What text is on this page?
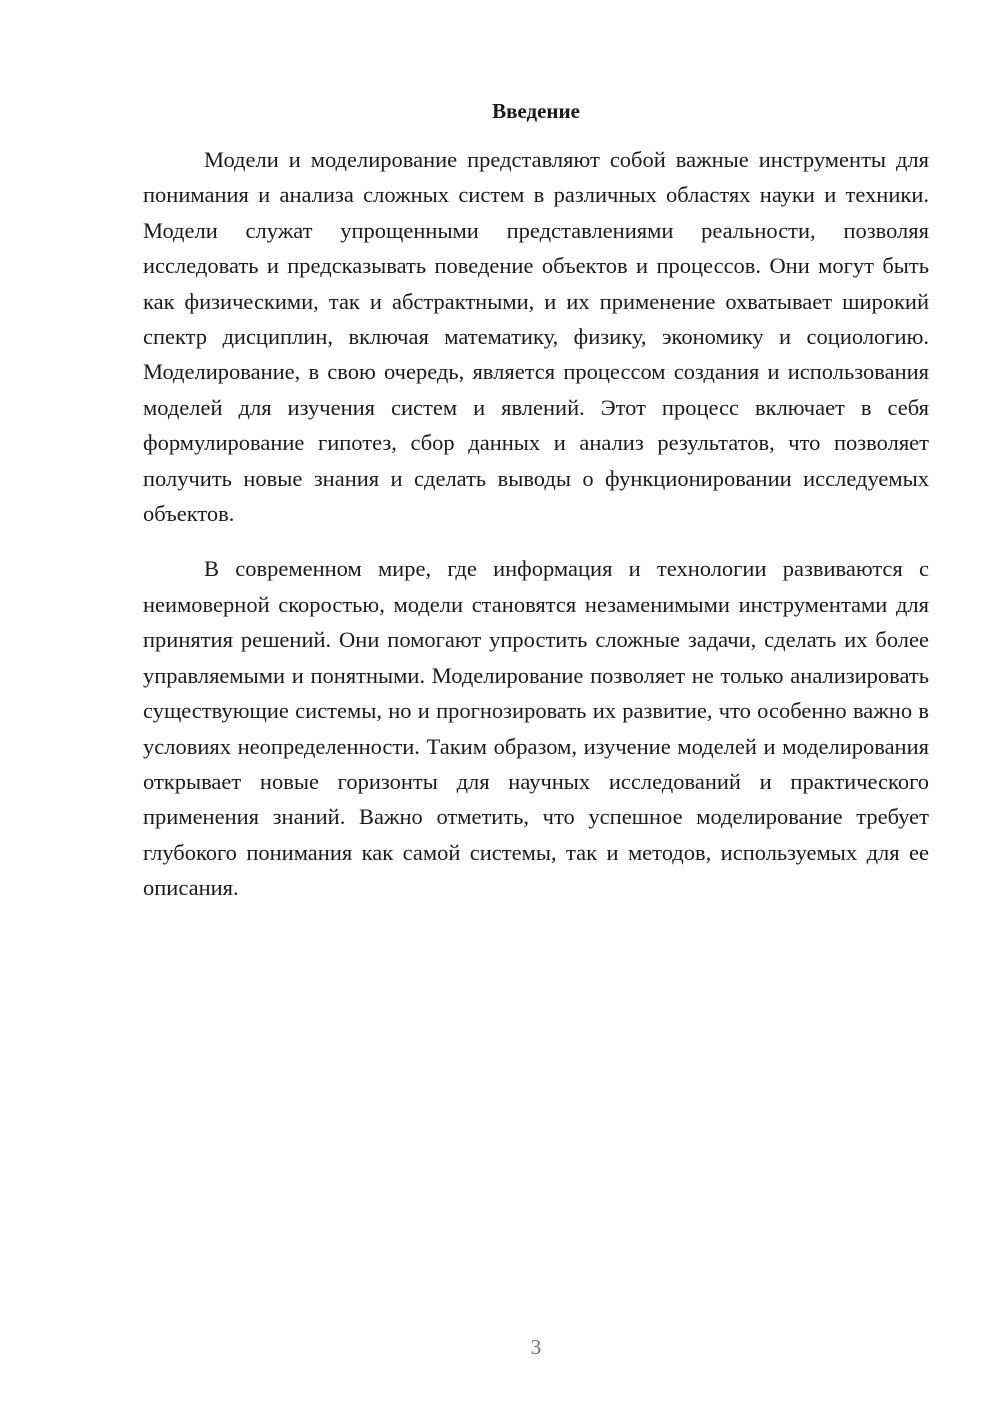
Введение

Модели и моделирование представляют собой важные инструменты для понимания и анализа сложных систем в различных областях науки и техники. Модели служат упрощенными представлениями реальности, позволяя исследовать и предсказывать поведение объектов и процессов. Они могут быть как физическими, так и абстрактными, и их применение охватывает широкий спектр дисциплин, включая математику, физику, экономику и социологию. Моделирование, в свою очередь, является процессом создания и использования моделей для изучения систем и явлений. Этот процесс включает в себя формулирование гипотез, сбор данных и анализ результатов, что позволяет получить новые знания и сделать выводы о функционировании исследуемых объектов.

В современном мире, где информация и технологии развиваются с неимоверной скоростью, модели становятся незаменимыми инструментами для принятия решений. Они помогают упростить сложные задачи, сделать их более управляемыми и понятными. Моделирование позволяет не только анализировать существующие системы, но и прогнозировать их развитие, что особенно важно в условиях неопределенности. Таким образом, изучение моделей и моделирования открывает новые горизонты для научных исследований и практического применения знаний. Важно отметить, что успешное моделирование требует глубокого понимания как самой системы, так и методов, используемых для ее описания.

3
